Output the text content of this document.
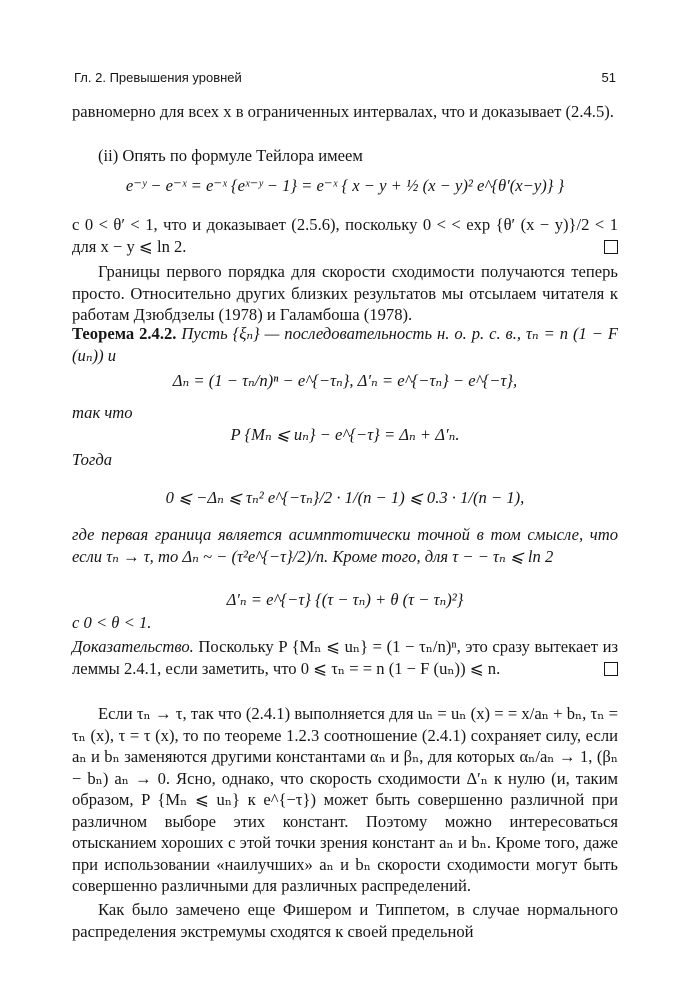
Гл. 2. Превышения уровней	51
равномерно для всех x в ограниченных интервалах, что и доказывает (2.4.5).
(ii) Опять по формуле Тейлора имеем
e⁻ʸ − e⁻ˣ = e⁻ˣ {eˣ⁻ʸ − 1} = e⁻ˣ { x − y + ½ (x − y)² e^{θ′(x−y)} }
с 0 < θ′ < 1, что и доказывает (2.5.6), поскольку 0 < < exp {θ′ (x − y)}/2 < 1 для x − y ⩽ ln 2.
Границы первого порядка для скорости сходимости получаются теперь просто. Относительно других близких результатов мы отсылаем читателя к работам Дзюбдзелы (1978) и Галамбоша (1978).
Теорема 2.4.2. Пусть {ξₙ} — последовательность н. о. р. с. в., τₙ = n (1 − F (uₙ)) и
Δₙ = (1 − τₙ/n)ⁿ − e^{−τₙ}, Δ′ₙ = e^{−τₙ} − e^{−τ},
так что
P {Mₙ ⩽ uₙ} − e^{−τ} = Δₙ + Δ′ₙ.
Тогда
0 ⩽ −Δₙ ⩽ τₙ² e^{−τₙ}/2 · 1/(n − 1) ⩽ 0.3 · 1/(n − 1),
где первая граница является асимптотически точной в том смысле, что если τₙ → τ, то Δₙ ~ − (τ²e^{−τ}/2)/n. Кроме того, для τ − − τₙ ⩽ ln 2
Δ′ₙ = e^{−τ} {(τ − τₙ) + θ (τ − τₙ)²}
с 0 < θ < 1.
Доказательство. Поскольку P {Mₙ ⩽ uₙ} = (1 − τₙ/n)ⁿ, это сразу вытекает из леммы 2.4.1, если заметить, что 0 ⩽ τₙ = = n (1 − F (uₙ)) ⩽ n.
Если τₙ → τ, так что (2.4.1) выполняется для uₙ = uₙ (x) = = x/aₙ + bₙ, τₙ = τₙ (x), τ = τ (x), то по теореме 1.2.3 соотношение (2.4.1) сохраняет силу, если aₙ и bₙ заменяются другими константами αₙ и βₙ, для которых αₙ/aₙ → 1, (βₙ − bₙ) aₙ → 0. Ясно, однако, что скорость сходимости Δ′ₙ к нулю (и, таким образом, P {Mₙ ⩽ uₙ} к e^{−τ}) может быть совершенно различной при различном выборе этих констант. Поэтому можно интересоваться отысканием хороших с этой точки зрения констант aₙ и bₙ. Кроме того, даже при использовании «наилучших» aₙ и bₙ скорости сходимости могут быть совершенно различными для различных распределений.
Как было замечено еще Фишером и Типпетом, в случае нормального распределения экстремумы сходятся к своей предельной
